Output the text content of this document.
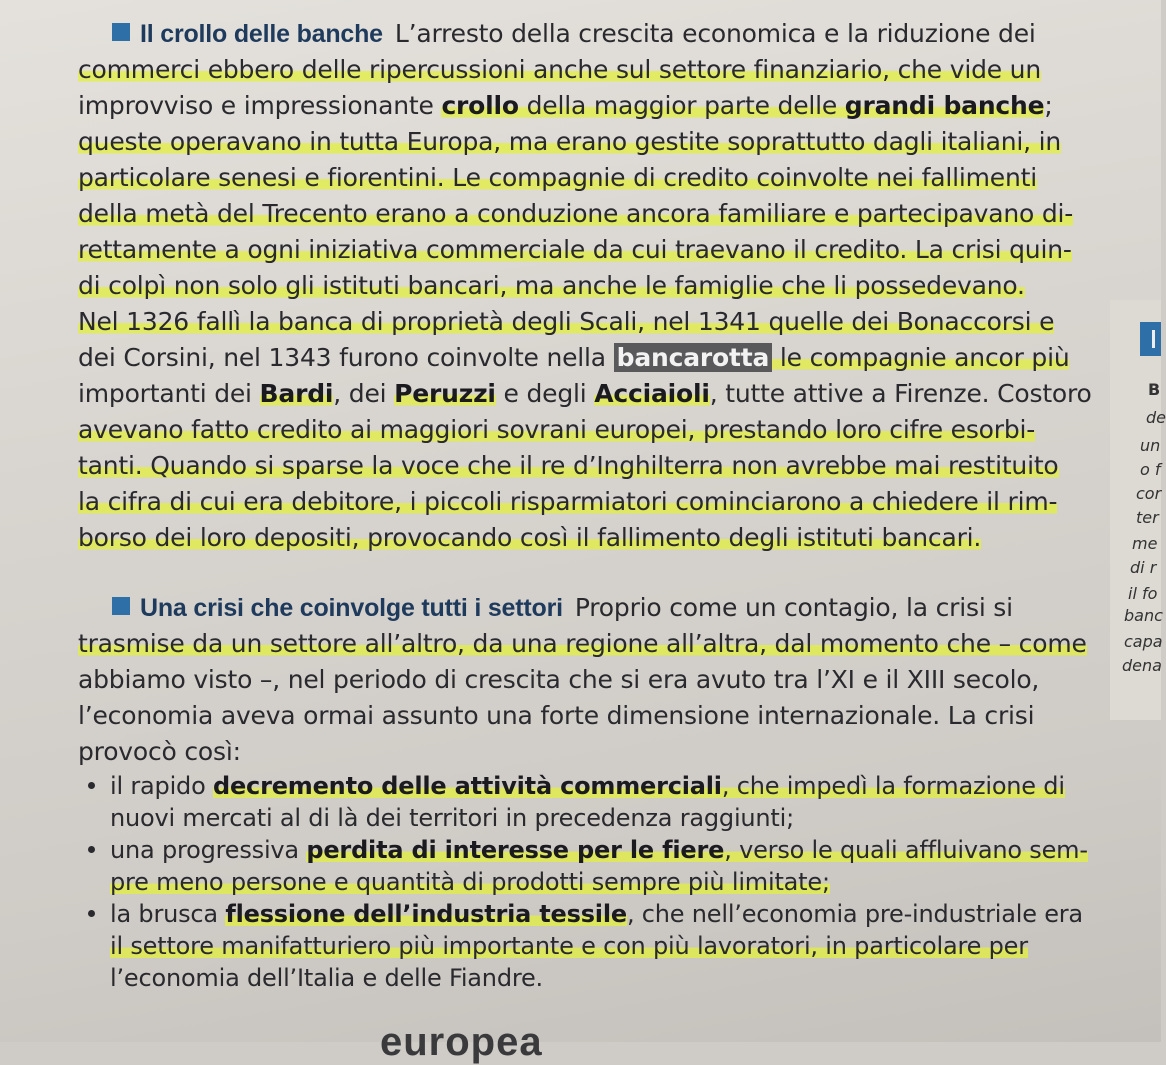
Il crollo delle banche L’arresto della crescita economica e la riduzione dei
commerci ebbero delle ripercussioni anche sul settore finanziario, che vide un
improvviso e impressionante crollo della maggior parte delle grandi banche;
queste operavano in tutta Europa, ma erano gestite soprattutto dagli italiani, in
particolare senesi e fiorentini. Le compagnie di credito coinvolte nei fallimenti
della metà del Trecento erano a conduzione ancora familiare e partecipavano di-
rettamente a ogni iniziativa commerciale da cui traevano il credito. La crisi quin-
di colpì non solo gli istituti bancari, ma anche le famiglie che li possedevano.
Nel 1326 fallì la banca di proprietà degli Scali, nel 1341 quelle dei Bonaccorsi e
dei Corsini, nel 1343 furono coinvolte nella bancarotta le compagnie ancor più
importanti dei Bardi, dei Peruzzi e degli Acciaioli, tutte attive a Firenze. Costoro
avevano fatto credito ai maggiori sovrani europei, prestando loro cifre esorbi-
tanti. Quando si sparse la voce che il re d’Inghilterra non avrebbe mai restituito
la cifra di cui era debitore, i piccoli risparmiatori cominciarono a chiedere il rim-
borso dei loro depositi, provocando così il fallimento degli istituti bancari.
Una crisi che coinvolge tutti i settori Proprio come un contagio, la crisi si
trasmise da un settore all’altro, da una regione all’altra, dal momento che – come
abbiamo visto –, nel periodo di crescita che si era avuto tra l’XI e il XIII secolo,
l’economia aveva ormai assunto una forte dimensione internazionale. La crisi
provocò così:
il rapido decremento delle attività commerciali, che impedì la formazione di
nuovi mercati al di là dei territori in precedenza raggiunti;
una progressiva perdita di interesse per le fiere, verso le quali affluivano sem-
pre meno persone e quantità di prodotti sempre più limitate;
la brusca flessione dell’industria tessile, che nell’economia pre-industriale era
il settore manifatturiero più importante e con più lavoratori, in particolare per
l’economia dell’Italia e delle Fiandre.
B
de
un
o f
cor
ter
me
di r
il fo
banc
capa
dena
europea
